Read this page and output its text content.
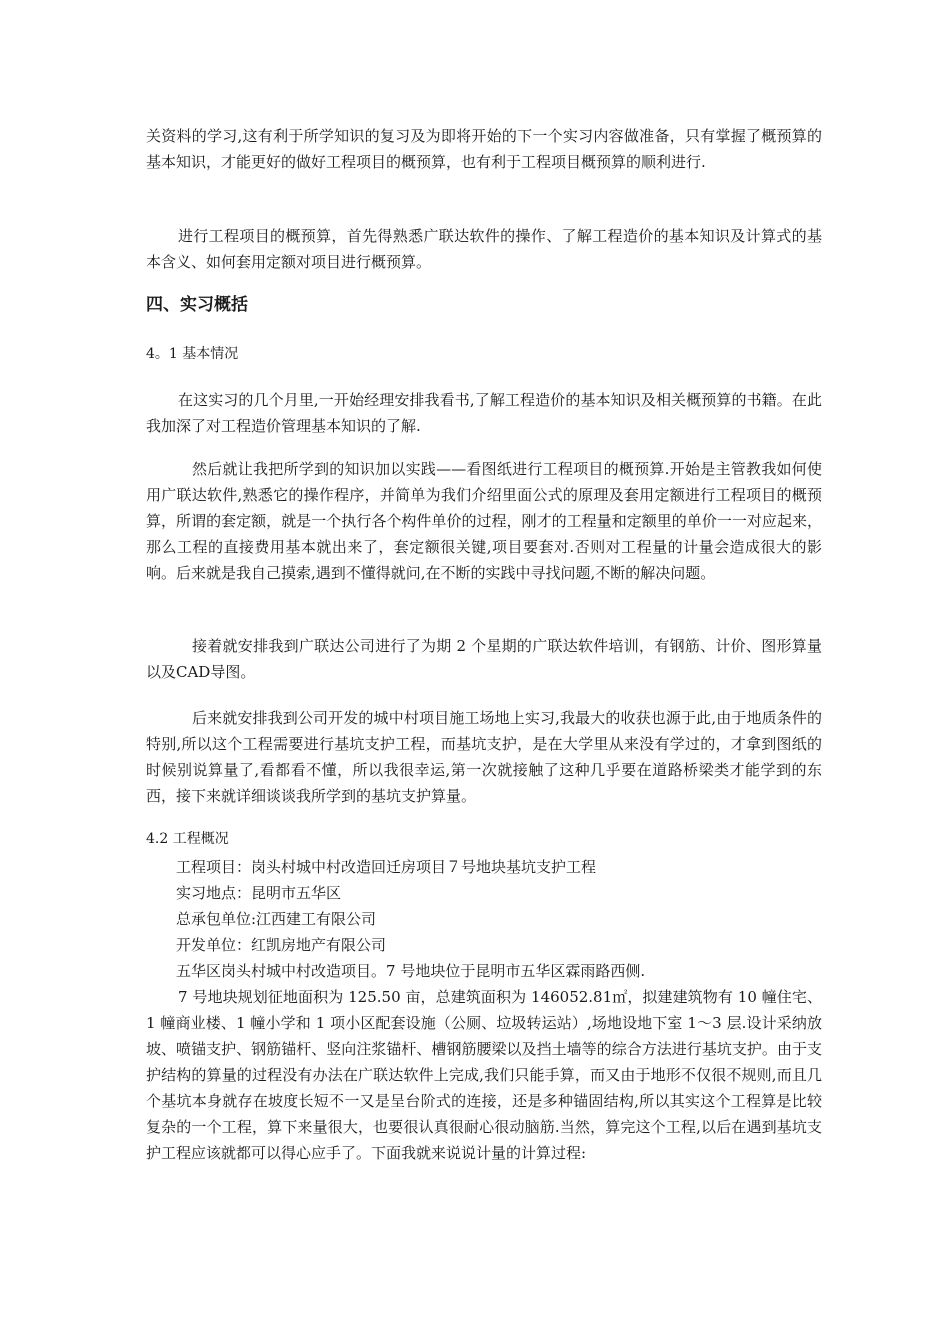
关资料的学习,这有利于所学知识的复习及为即将开始的下一个实习内容做准备，只有掌握了概预算的基本知识，才能更好的做好工程项目的概预算，也有利于工程项目概预算的顺利进行.

进行工程项目的概预算，首先得熟悉广联达软件的操作、了解工程造价的基本知识及计算式的基本含义、如何套用定额对项目进行概预算。

四、实习概括

4。1 基本情况

在这实习的几个月里,一开始经理安排我看书,了解工程造价的基本知识及相关概预算的书籍。在此我加深了对工程造价管理基本知识的了解.

然后就让我把所学到的知识加以实践——看图纸进行工程项目的概预算.开始是主管教我如何使用广联达软件,熟悉它的操作程序，并简单为我们介绍里面公式的原理及套用定额进行工程项目的概预算，所谓的套定额，就是一个执行各个构件单价的过程，刚才的工程量和定额里的单价一一对应起来，那么工程的直接费用基本就出来了，套定额很关键,项目要套对.否则对工程量的计量会造成很大的影响。后来就是我自己摸索,遇到不懂得就问,在不断的实践中寻找问题,不断的解决问题。

接着就安排我到广联达公司进行了为期 2 个星期的广联达软件培训，有钢筋、计价、图形算量以及CAD导图。

后来就安排我到公司开发的城中村项目施工场地上实习,我最大的收获也源于此,由于地质条件的特别,所以这个工程需要进行基坑支护工程，而基坑支护，是在大学里从来没有学过的，才拿到图纸的时候别说算量了,看都看不懂，所以我很幸运,第一次就接触了这种几乎要在道路桥梁类才能学到的东西，接下来就详细谈谈我所学到的基坑支护算量。

4.2 工程概况

工程项目：岗头村城中村改造回迁房项目７号地块基坑支护工程

实习地点：昆明市五华区

总承包单位:江西建工有限公司

开发单位：红凯房地产有限公司

五华区岗头村城中村改造项目。7 号地块位于昆明市五华区霖雨路西侧.

7 号地块规划征地面积为 125.50 亩，总建筑面积为 146052.81㎡，拟建建筑物有 10 幢住宅、1 幢商业楼、1 幢小学和 1 项小区配套设施（公厕、垃圾转运站）,场地设地下室 1～3 层.设计采纳放坡、喷锚支护、钢筋锚杆、竖向注浆锚杆、槽钢筋腰梁以及挡土墙等的综合方法进行基坑支护。由于支护结构的算量的过程没有办法在广联达软件上完成,我们只能手算，而又由于地形不仅很不规则,而且几个基坑本身就存在坡度长短不一又是呈台阶式的连接，还是多种锚固结构,所以其实这个工程算是比较复杂的一个工程，算下来量很大，也要很认真很耐心很动脑筋.当然，算完这个工程,以后在遇到基坑支护工程应该就都可以得心应手了。下面我就来说说计量的计算过程:
